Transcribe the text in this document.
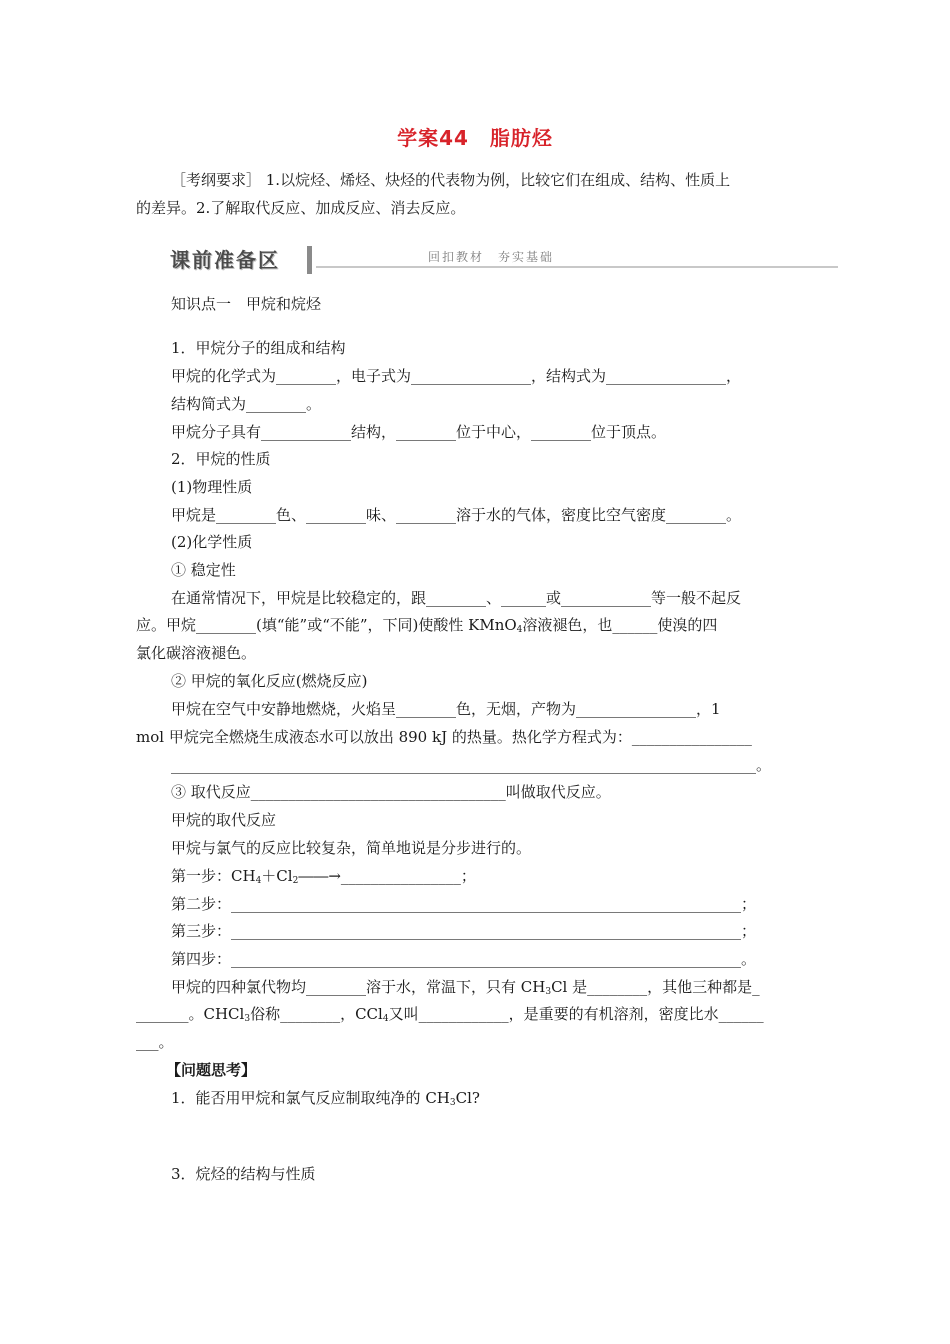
学案44　脂肪烃
［考纲要求］ 1.以烷烃、烯烃、炔烃的代表物为例，比较它们在组成、结构、性质上
的差异。2.了解取代反应、加成反应、消去反应。
课前准备区	回扣教材　夯实基础
知识点一　甲烷和烷烃
1．甲烷分子的组成和结构
甲烷的化学式为________，电子式为________________，结构式为________________，
结构简式为________。
甲烷分子具有____________结构，________位于中心，________位于顶点。
2．甲烷的性质
(1)物理性质
甲烷是________色、________味、________溶于水的气体，密度比空气密度________。
(2)化学性质
① 稳定性
在通常情况下，甲烷是比较稳定的，跟________、______或____________等一般不起反
应。甲烷________(填“能”或“不能”，下同)使酸性 KMnO$_4$溶液褪色，也______使溴的四
氯化碳溶液褪色。
② 甲烷的氧化反应(燃烧反应)
甲烷在空气中安静地燃烧，火焰呈________色，无烟，产物为________________，1
mol 甲烷完全燃烧生成液态水可以放出 890 kJ 的热量。热化学方程式为：________________
______________________________________________________________________________。
③ 取代反应__________________________________叫做取代反应。
甲烷的取代反应
甲烷与氯气的反应比较复杂，简单地说是分步进行的。
第一步：$CH_4+Cl_2――\to\_\_\_\_\_\_\_\_\_\_\_\_\_\_\_\_$；
第二步：____________________________________________________________________；
第三步：____________________________________________________________________；
第四步：____________________________________________________________________。
甲烷的四种氯代物均________溶于水，常温下，只有 $CH_3Cl$ 是________，其他三种都是_
_______。CHCl$_3$俗称________，CCl$_4$又叫____________，是重要的有机溶剂，密度比水______
___。
【问题思考】
1．能否用甲烷和氯气反应制取纯净的 $CH_3Cl$?
3．烷烃的结构与性质
